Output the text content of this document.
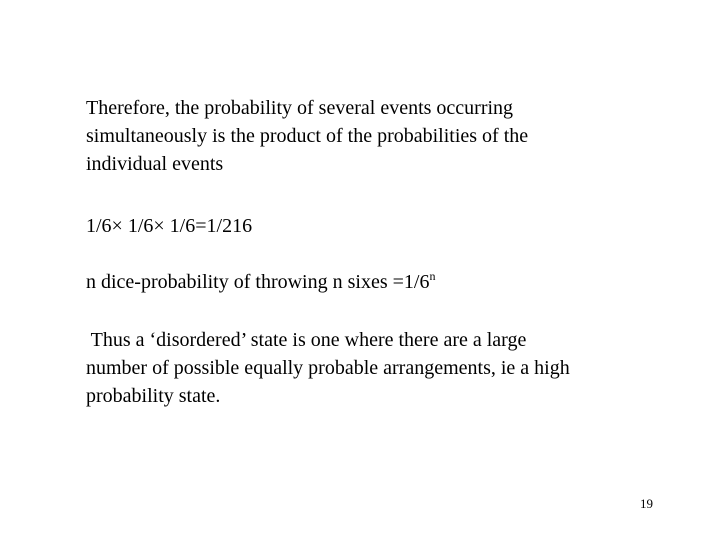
Therefore, the probability of several events occurring
simultaneously is the product of the probabilities of the
individual events

1/6× 1/6× 1/6=1/216

n dice-probability of throwing n sixes $=1/6^n$

Thus a ‘disordered’ state is one where there are a large
number of possible equally probable arrangements, ie a high
probability state.

19
